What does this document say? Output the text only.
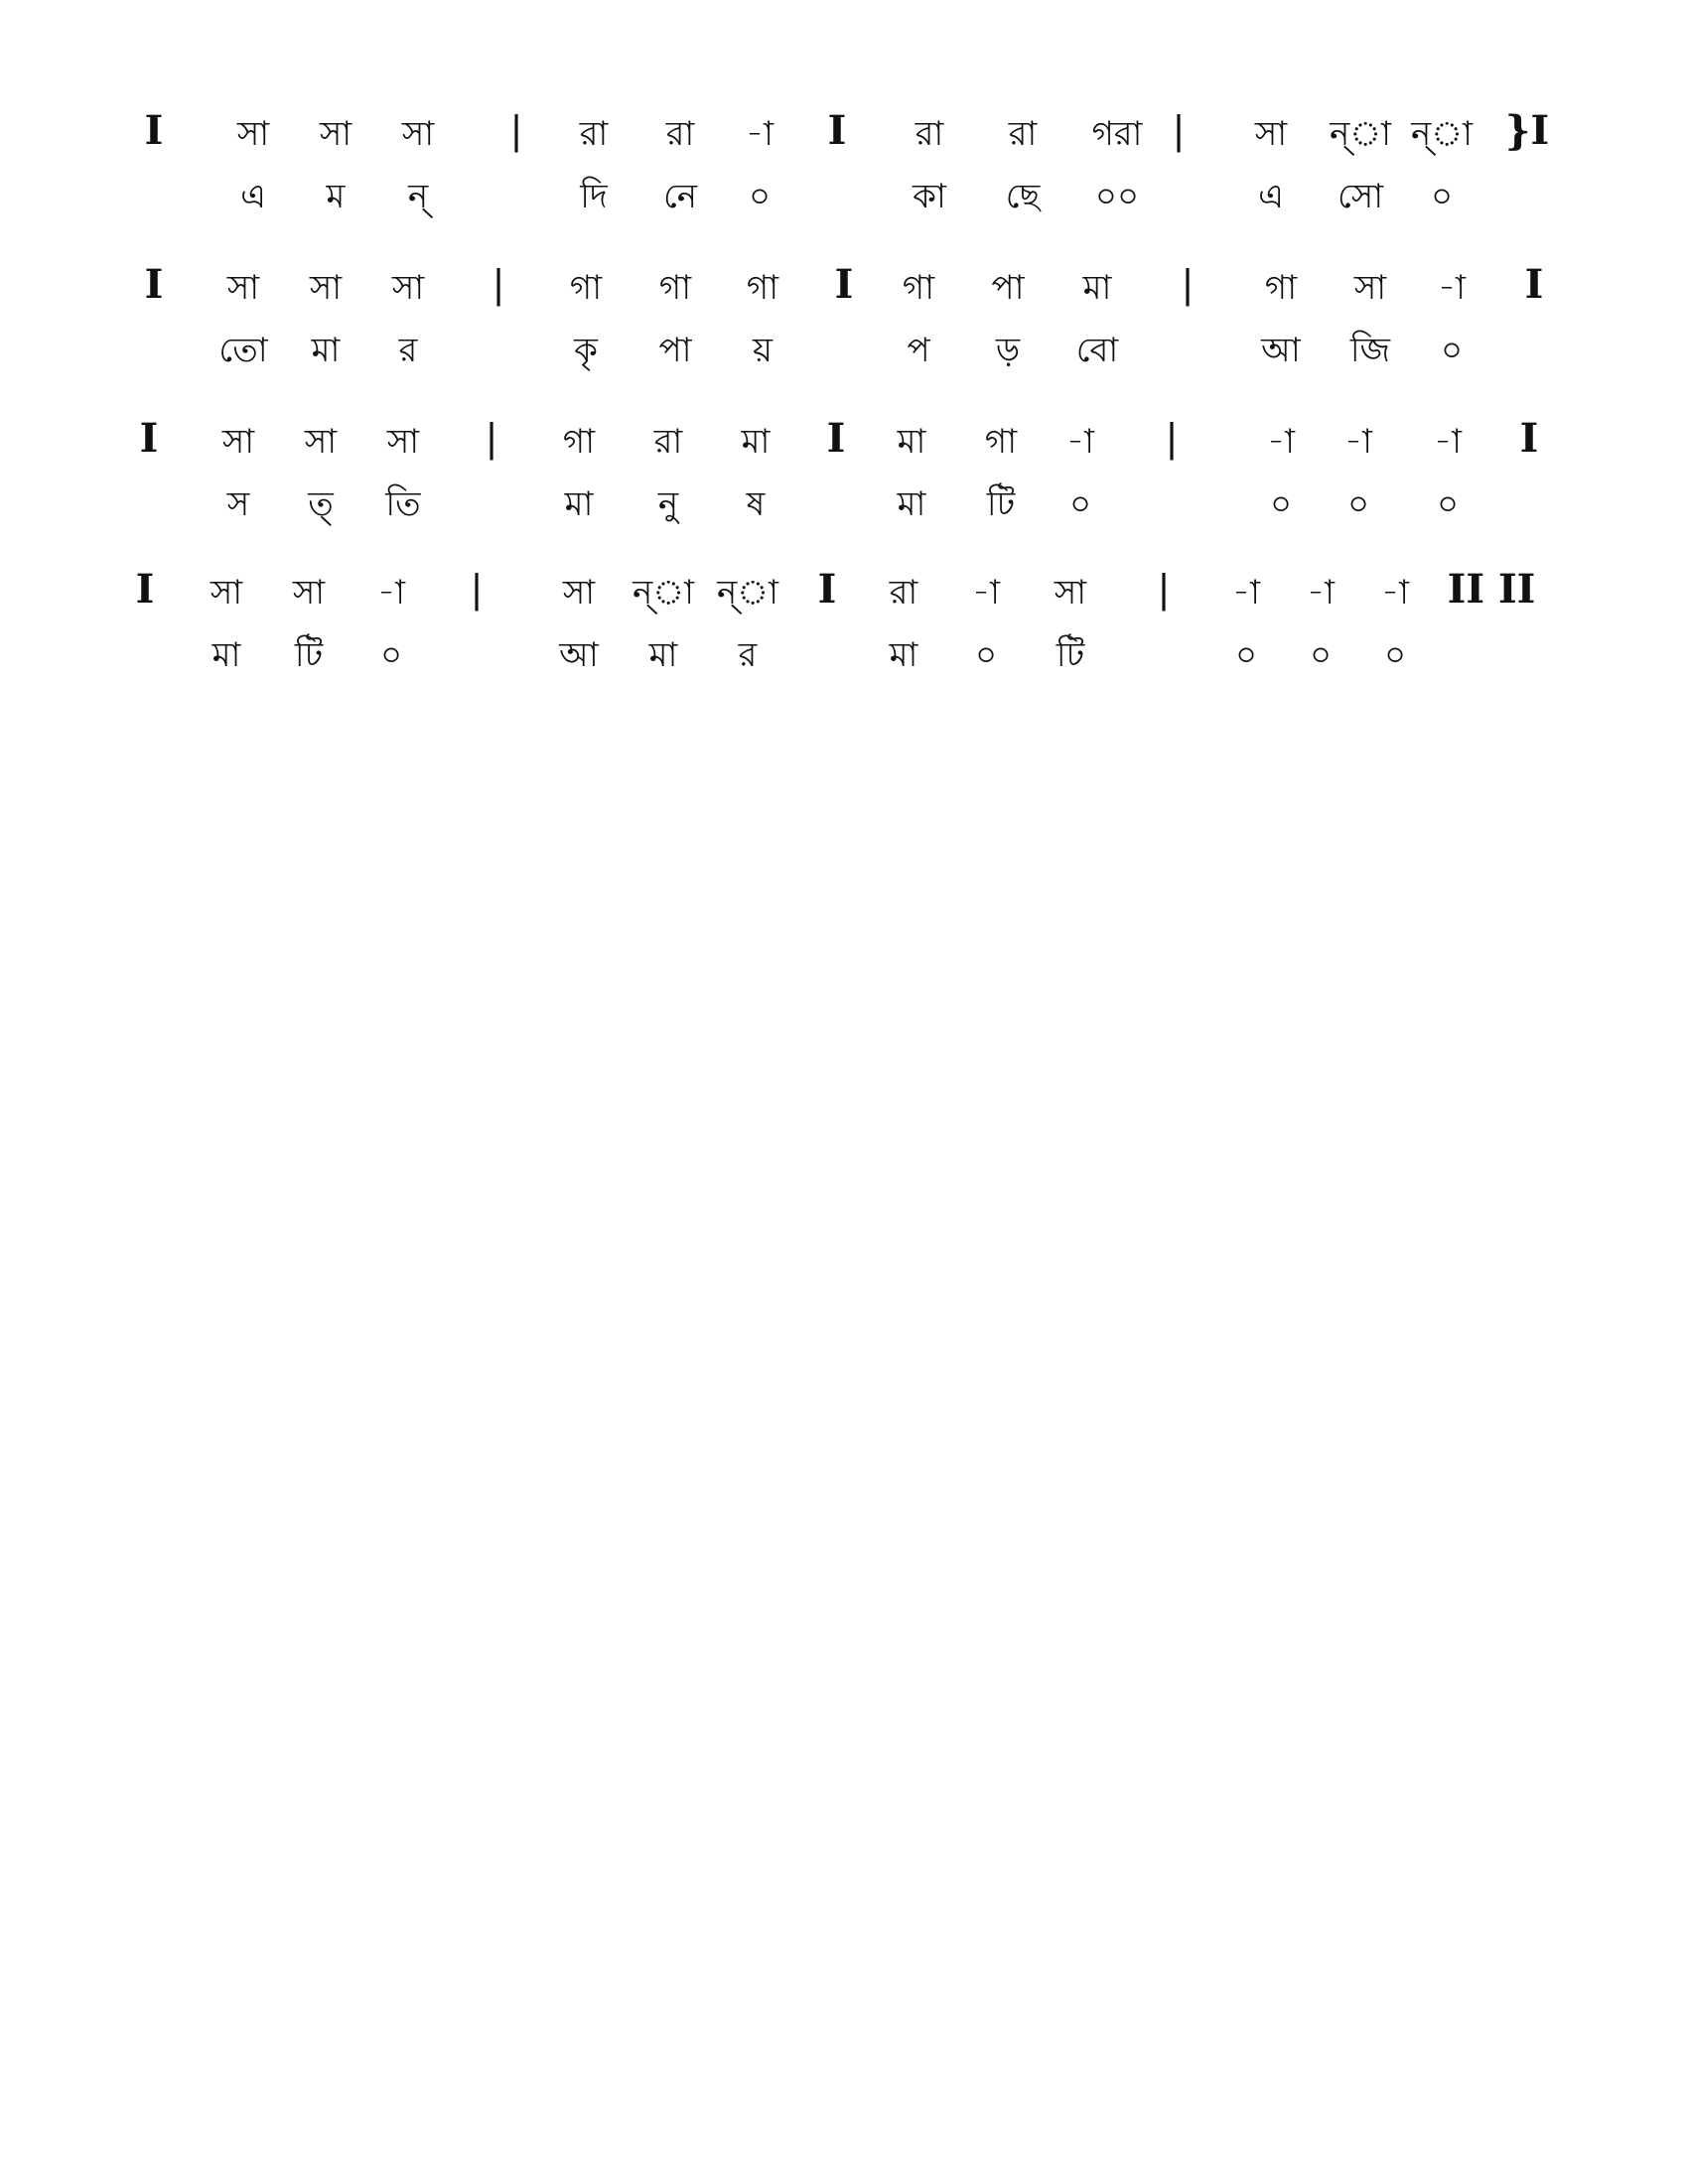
I সা সা সা | রা রা -া I রা রা গরা | সা ন্া ন্া }I
এ ম ন্	দি নে ০	কা ছে ০০	এ সো ০
I সা সা সা | গা গা গা I গা পা মা | গা সা -া I
তো মা র	কৃ পা য়	প ড় বো	আ জি ০
I সা সা সা | গা রা মা I মা গা -া |	-া -া -া I
স ত্ তি	মা নু ষ	মা টি ০	০ ০ ০
I সা সা -া | সা ন্া ন্া I রা -া সা | -া -া -া II II
মা টি ০	আ মা র	মা ০ টি	০ ০ ০
